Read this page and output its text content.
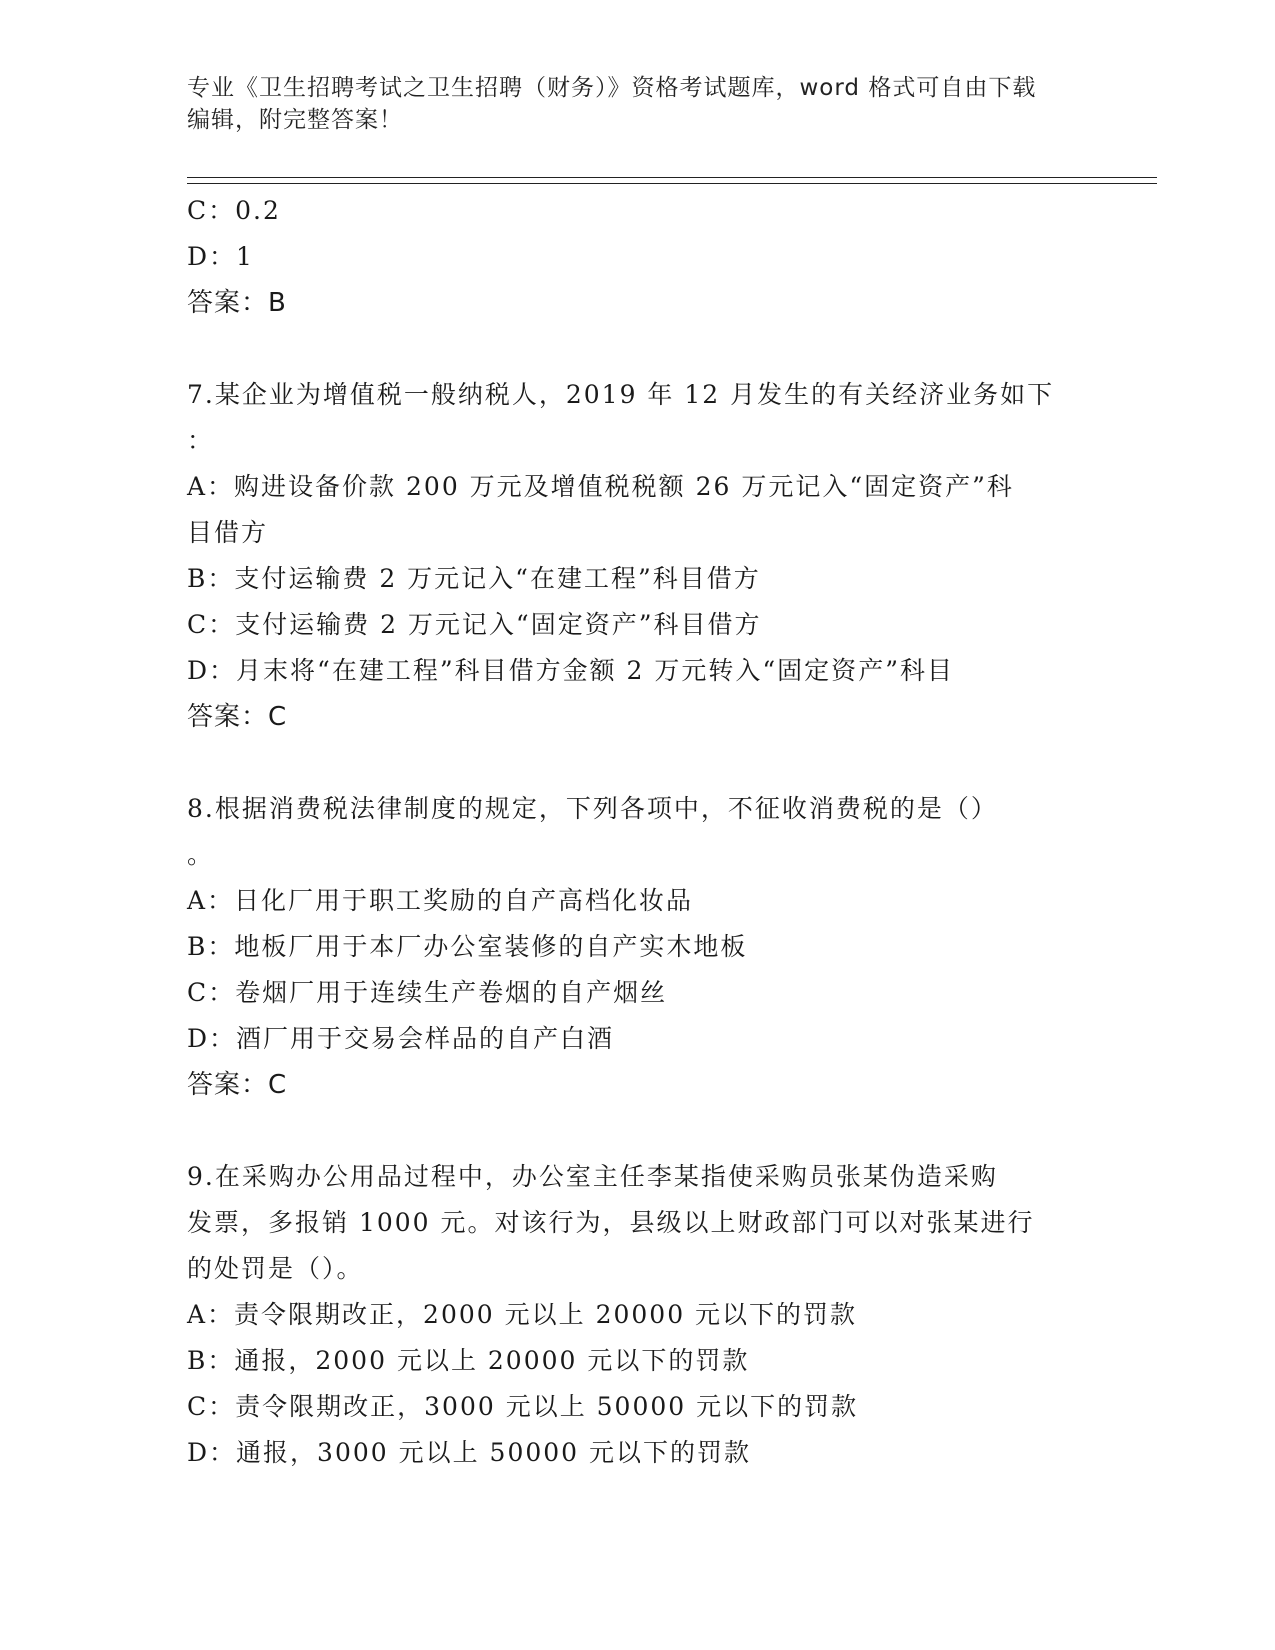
专业《卫生招聘考试之卫生招聘（财务）》资格考试题库，word 格式可自由下载
编辑，附完整答案！
C：0.2
D：1
答案：B
7.某企业为增值税一般纳税人，2019 年 12 月发生的有关经济业务如下
：
A：购进设备价款 200 万元及增值税税额 26 万元记入“固定资产”科
目借方
B：支付运输费 2 万元记入“在建工程”科目借方
C：支付运输费 2 万元记入“固定资产”科目借方
D：月末将“在建工程”科目借方金额 2 万元转入“固定资产”科目
答案：C
8.根据消费税法律制度的规定，下列各项中，不征收消费税的是（）
。
A：日化厂用于职工奖励的自产高档化妆品
B：地板厂用于本厂办公室装修的自产实木地板
C：卷烟厂用于连续生产卷烟的自产烟丝
D：酒厂用于交易会样品的自产白酒
答案：C
9.在采购办公用品过程中，办公室主任李某指使采购员张某伪造采购
发票，多报销 1000 元。对该行为，县级以上财政部门可以对张某进行
的处罚是（）。
A：责令限期改正，2000 元以上 20000 元以下的罚款
B：通报，2000 元以上 20000 元以下的罚款
C：责令限期改正，3000 元以上 50000 元以下的罚款
D：通报，3000 元以上 50000 元以下的罚款
